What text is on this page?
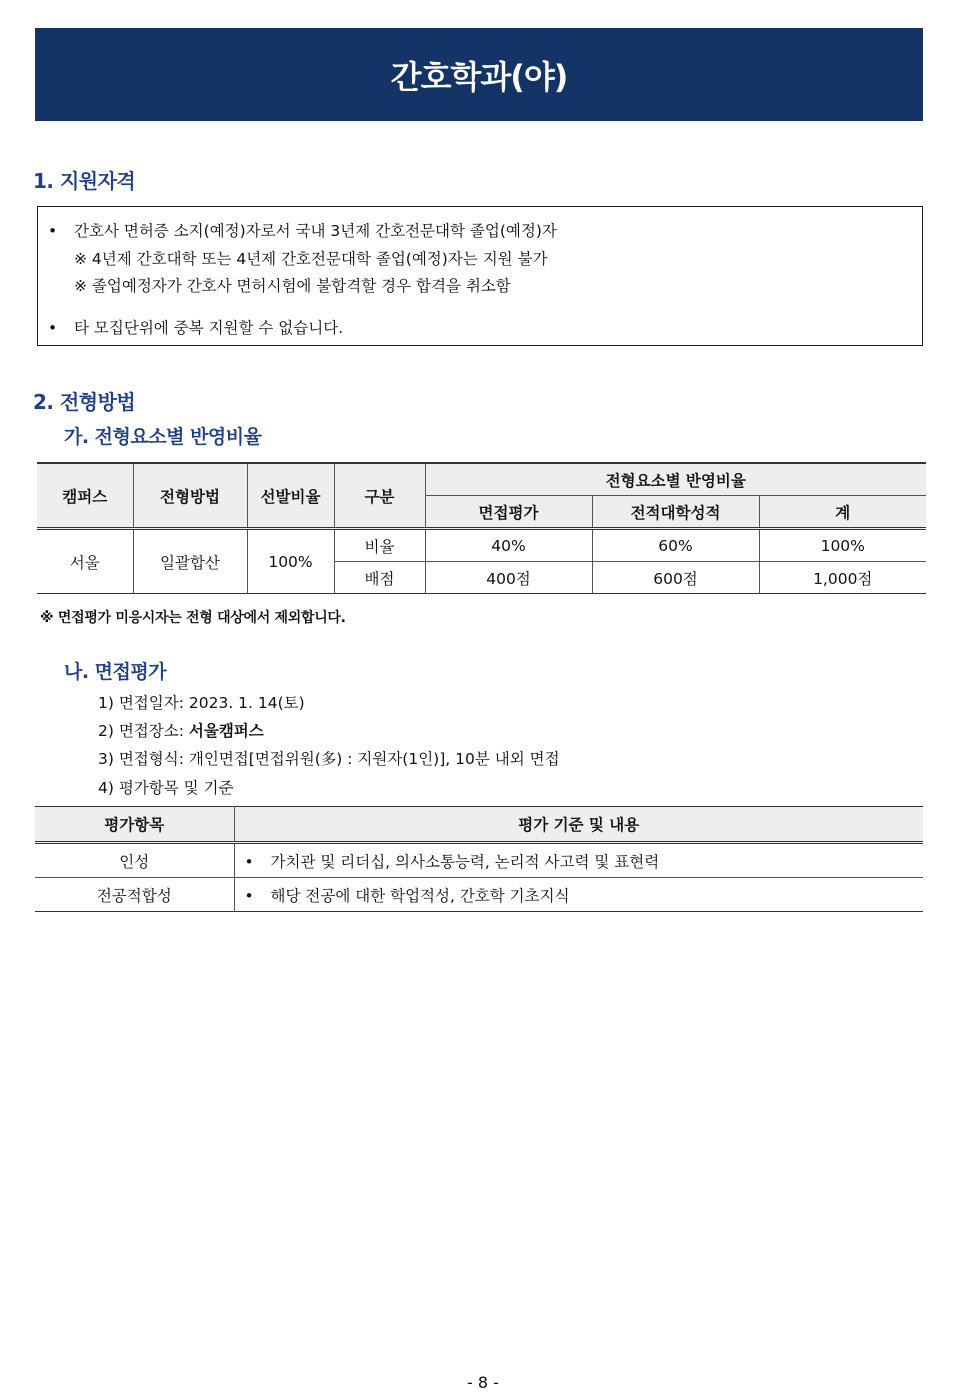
간호학과(야)
1. 지원자격
• 간호사 면허증 소지(예정)자로서 국내 3년제 간호전문대학 졸업(예정)자
※ 4년제 간호대학 또는 4년제 간호전문대학 졸업(예정)자는 지원 불가
※ 졸업예정자가 간호사 면허시험에 불합격할 경우 합격을 취소함
• 타 모집단위에 중복 지원할 수 없습니다.
2. 전형방법
가. 전형요소별 반영비율
캠퍼스	전형방법	선발비율	구분	전형요소별 반영비율		
				면접평가	전적대학성적	계
서울	일괄합산	100%	비율	40%	60%	100%
			배점	400점	600점	1,000점
※ 면접평가 미응시자는 전형 대상에서 제외합니다.
나. 면접평가
1) 면접일자: 2023. 1. 14(토)
2) 면접장소: 서울캠퍼스
3) 면접형식: 개인면접[면접위원(多) : 지원자(1인)], 10분 내외 면접
4) 평가항목 및 기준
평가항목	평가 기준 및 내용
인성	• 가치관 및 리더십, 의사소통능력, 논리적 사고력 및 표현력
전공적합성	• 해당 전공에 대한 학업적성, 간호학 기초지식
- 8 -
